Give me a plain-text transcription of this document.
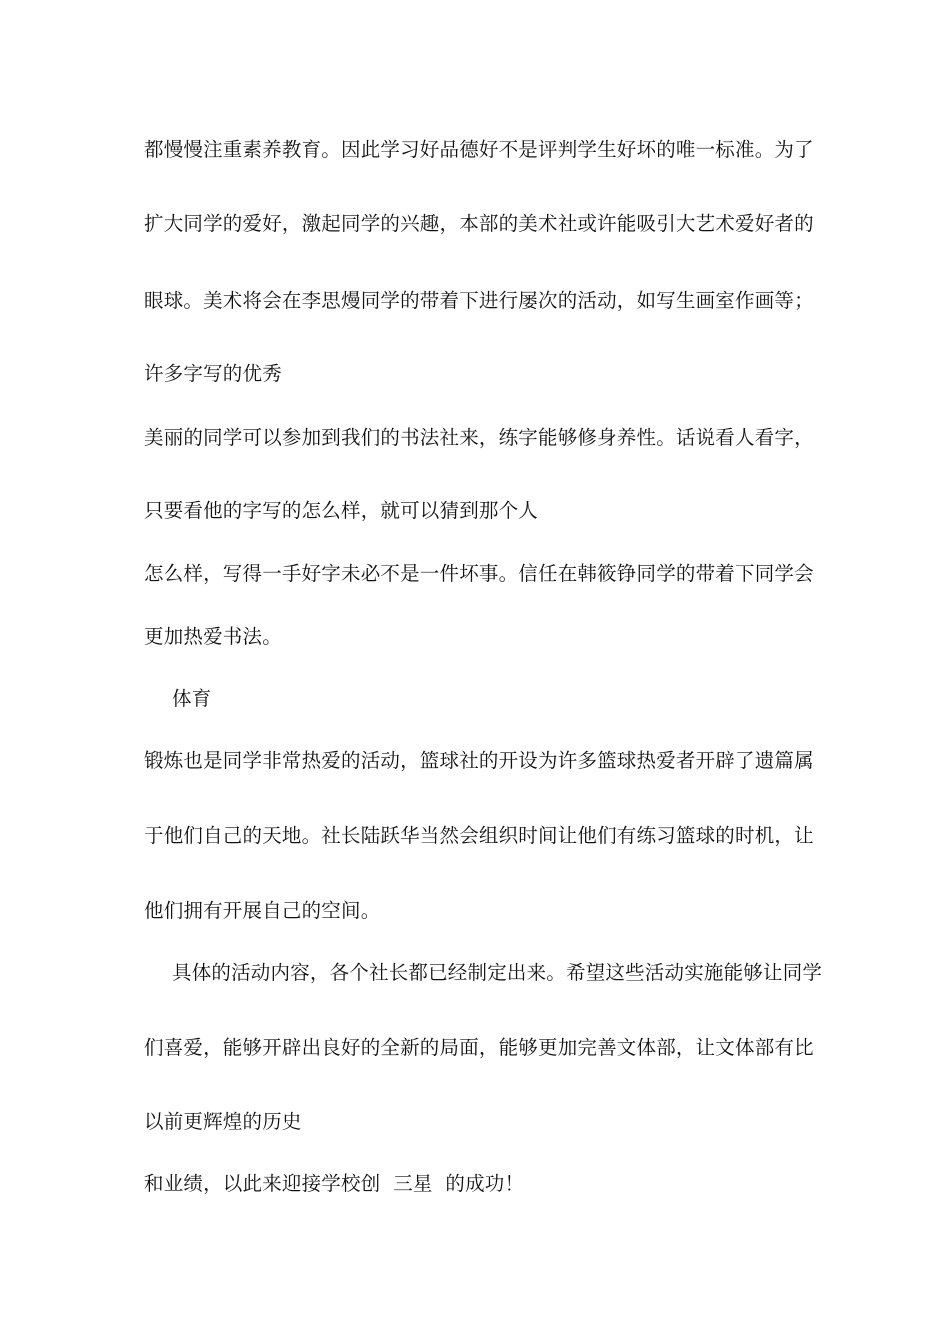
都慢慢注重素养教育。因此学习好品德好不是评判学生好坏的唯一标准。为了
扩大同学的爱好，激起同学的兴趣，本部的美术社或许能吸引大艺术爱好者的
眼球。美术将会在李思熳同学的带着下进行屡次的活动，如写生画室作画等；
许多字写的优秀
美丽的同学可以参加到我们的书法社来，练字能够修身养性。话说看人看字，
只要看他的字写的怎么样，就可以猜到那个人
怎么样，写得一手好字未必不是一件坏事。信任在韩筱铮同学的带着下同学会
更加热爱书法。
体育
锻炼也是同学非常热爱的活动，篮球社的开设为许多篮球热爱者开辟了遗篇属
于他们自己的天地。社长陆跃华当然会组织时间让他们有练习篮球的时机，让
他们拥有开展自己的空间。
具体的活动内容，各个社长都已经制定出来。希望这些活动实施能够让同学
们喜爱，能够开辟出良好的全新的局面，能够更加完善文体部，让文体部有比
以前更辉煌的历史
和业绩，以此来迎接学校创  三星  的成功！
